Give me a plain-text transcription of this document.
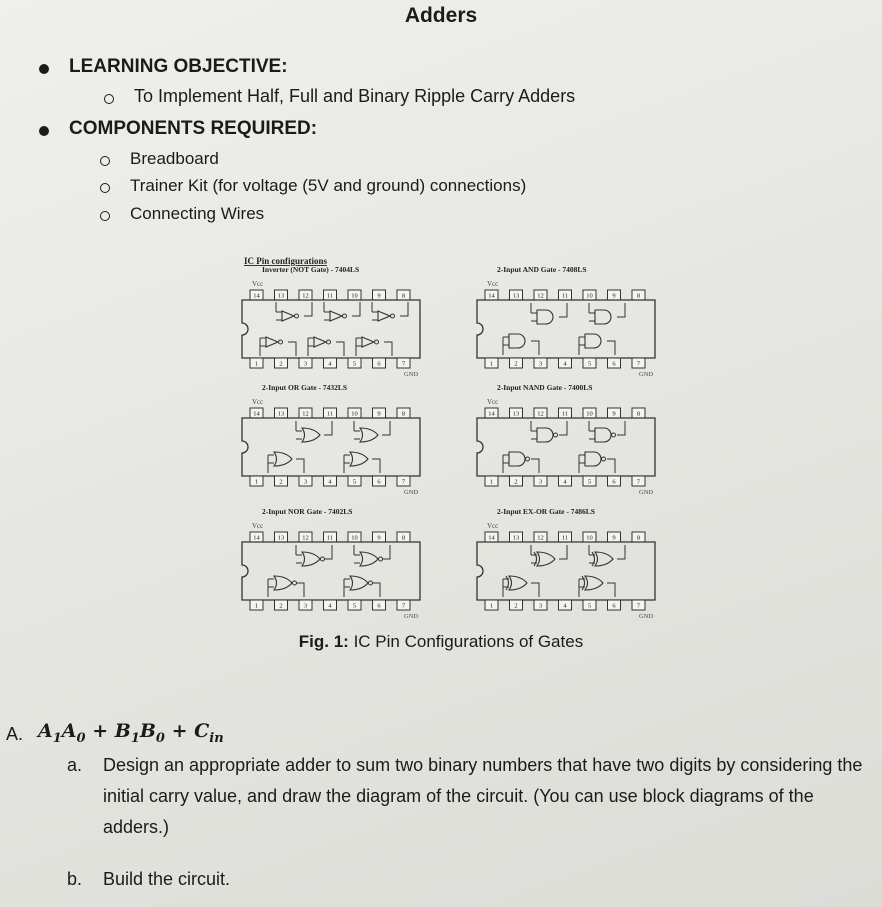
Adders
LEARNING OBJECTIVE:
To Implement Half, Full and Binary Ripple Carry Adders
COMPONENTS REQUIRED:
Breadboard
Trainer Kit (for voltage (5V and ground) connections)
Connecting Wires
IC Pin configurations
Inverter (NOT Gate) - 7404LS
Vcc
14	13	12	11	10	9	8
1	2	3	4	5	6	7
GND
2-Input AND Gate - 7408LS
Vcc
14	13	12	11	10	9	8
1	2	3	4	5	6	7
GND
2-Input OR Gate - 7432LS
Vcc
14	13	12	11	10	9	8
1	2	3	4	5	6	7
GND
2-Input NAND Gate - 7400LS
Vcc
14	13	12	11	10	9	8
1	2	3	4	5	6	7
GND
2-Input NOR Gate - 7402LS
Vcc
14	13	12	11	10	9	8
1	2	3	4	5	6	7
GND
2-Input EX-OR Gate - 7486LS
Vcc
14	13	12	11	10	9	8
1	2	3	4	5	6	7
GND
Fig. 1: IC Pin Configurations of Gates
A. $A_1A_0 + B_1B_0 + C_{in}$
a. Design an appropriate adder to sum two binary numbers that have two digits by considering the initial carry value, and draw the diagram of the circuit. (You can use block diagrams of the adders.)
b. Build the circuit.
